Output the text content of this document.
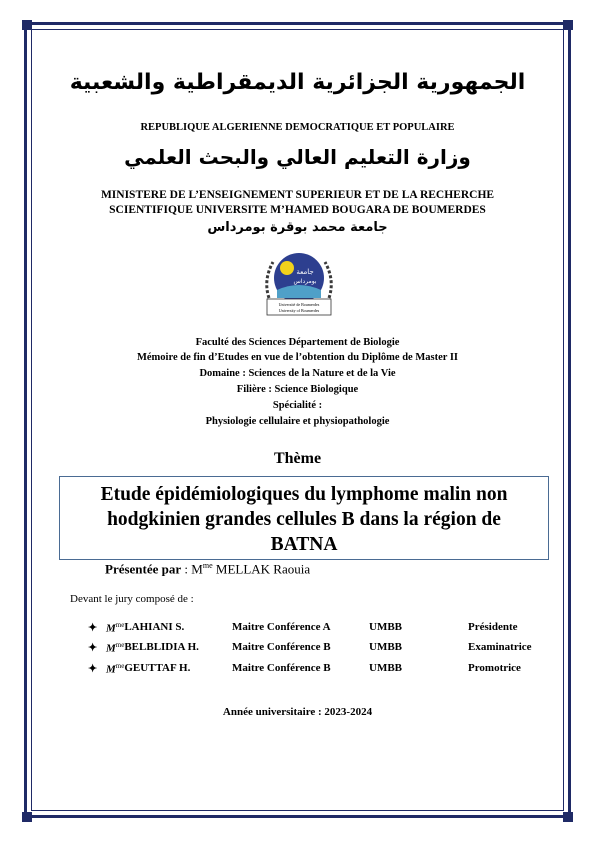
الجمهورية الجزائرية الديمقراطية والشعبية
REPUBLIQUE ALGERIENNE DEMOCRATIQUE ET POPULAIRE
وزارة التعليم العالي والبحث العلمي
MINISTERE DE L’ENSEIGNEMENT SUPERIEUR ET DE LA RECHERCHE
SCIENTIFIQUE UNIVERSITE M’HAMED BOUGARA DE BOUMERDES
جامعة محمد بوقرة بومرداس
جامعة
بومرداس
Université de Boumerdes
University of Boumerdes
Faculté des Sciences Département de Biologie
Mémoire de fin d’Etudes en vue de l’obtention du Diplôme de Master II
Domaine : Sciences de la Nature et de la Vie
Filière : Science Biologique
Spécialité :
Physiologie cellulaire et physiopathologie
Thème
Etude épidémiologiques du lymphome malin non
hodgkinien grandes cellules B dans la région de
BATNA
Présentée par : $M^{me}$ MELLAK Raouia
Devant le jury composé de :
✦ $M^{me}$ LAHIANI S.	Maitre Conférence A	UMBB	Présidente
✦ $M^{me}$ BELBLIDIA H.	Maitre Conférence B	UMBB	Examinatrice
✦ $M^{me}$ GEUTTAF H.	Maitre Conférence B	UMBB	Promotrice
Année universitaire : 2023-2024
